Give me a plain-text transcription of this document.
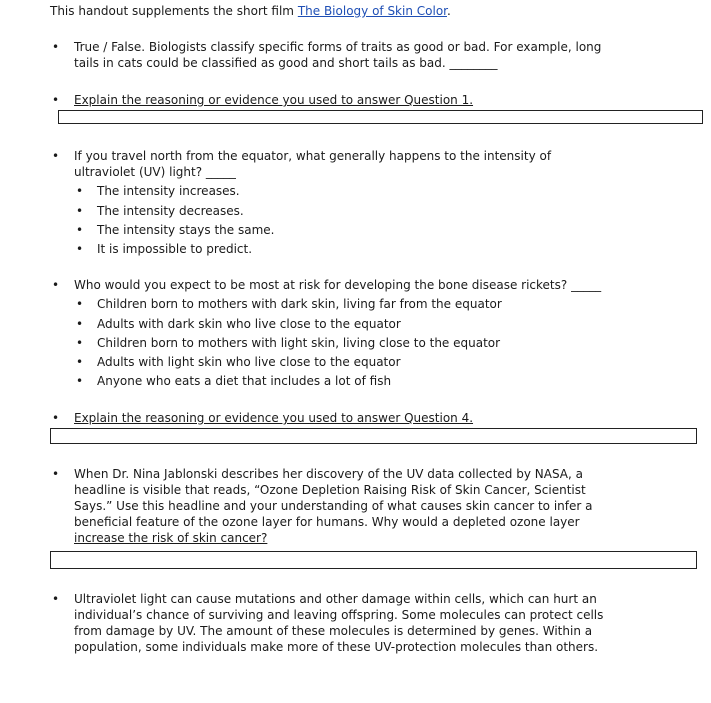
This handout supplements the short film The Biology of Skin Color.
•
True / False. Biologists classify specific forms of traits as good or bad. For example, long
tails in cats could be classified as good and short tails as bad. ________
•
Explain the reasoning or evidence you used to answer Question 1.
•
If you travel north from the equator, what generally happens to the intensity of
ultraviolet (UV) light? _____
•
The intensity increases.
•
The intensity decreases.
•
The intensity stays the same.
•
It is impossible to predict.
•
Who would you expect to be most at risk for developing the bone disease rickets? _____
•
Children born to mothers with dark skin, living far from the equator
•
Adults with dark skin who live close to the equator
•
Children born to mothers with light skin, living close to the equator
•
Adults with light skin who live close to the equator
•
Anyone who eats a diet that includes a lot of fish
•
Explain the reasoning or evidence you used to answer Question 4.
•
When Dr. Nina Jablonski describes her discovery of the UV data collected by NASA, a
headline is visible that reads, “Ozone Depletion Raising Risk of Skin Cancer, Scientist
Says.” Use this headline and your understanding of what causes skin cancer to infer a
beneficial feature of the ozone layer for humans. Why would a depleted ozone layer
increase the risk of skin cancer?
•
Ultraviolet light can cause mutations and other damage within cells, which can hurt an
individual’s chance of surviving and leaving offspring. Some molecules can protect cells
from damage by UV. The amount of these molecules is determined by genes. Within a
population, some individuals make more of these UV-protection molecules than others.
